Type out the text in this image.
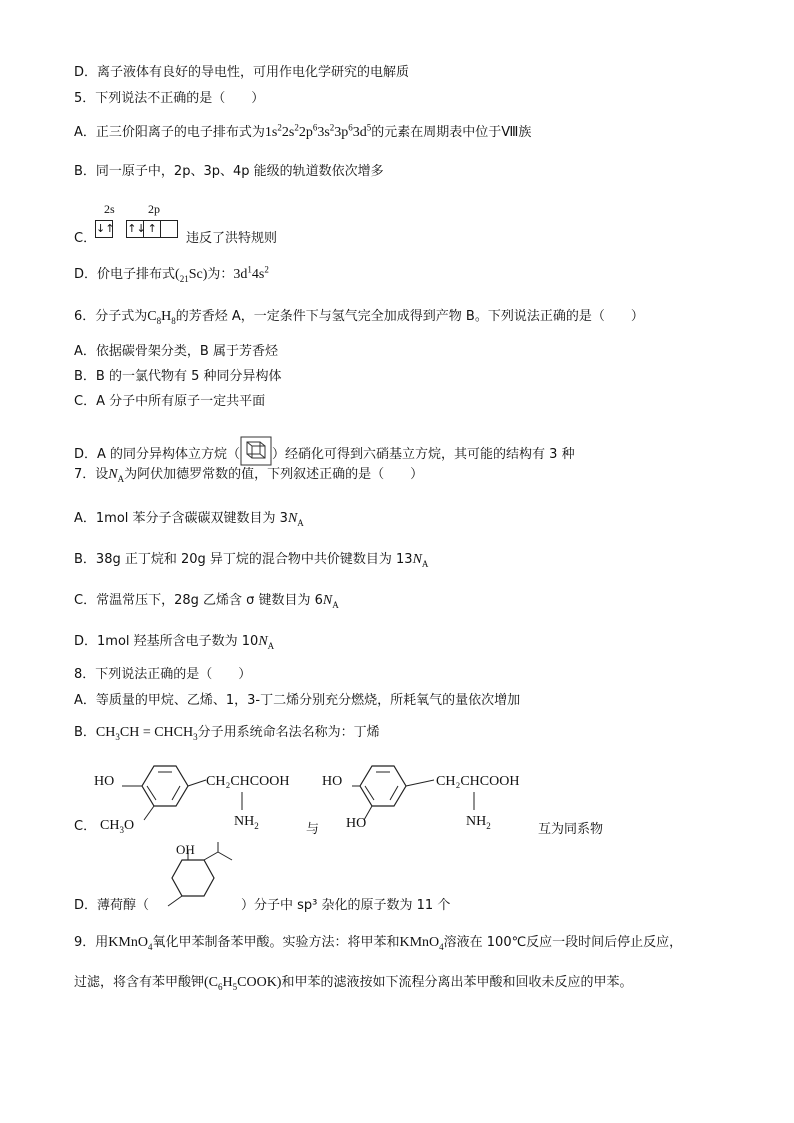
D．离子液体有良好的导电性，可用作电化学研究的电解质
5．下列说法不正确的是（　　）
A．正三价阳离子的电子排布式为$1s^22s^22p^63s^23p^63d^5$的元素在周期表中位于Ⅷ族
B．同一原子中，2p、3p、4p 能级的轨道数依次增多
C．
2s	2p
↓↑ ↑↓ ↑
违反了洪特规则
D．价电子排布式$(_{21}Sc)$为：$3d^14s^2$
6．分子式为$C_8H_8$的芳香烃 A，一定条件下与氢气完全加成得到产物 B。下列说法正确的是（　　）
A．依据碳骨架分类，B 属于芳香烃
B．B 的一氯代物有 5 种同分异构体
C．A 分子中所有原子一定共平面
D．A 的同分异构体立方烷（ ）经硝化可得到六硝基立方烷，其可能的结构有 3 种
7．设$N_A$为阿伏加德罗常数的值，下列叙述正确的是（　　）
A．1mol 苯分子含碳碳双键数目为 $3N_A$
B．38g 正丁烷和 20g 异丁烷的混合物中共价键数目为 $13N_A$
C．常温常压下，28g 乙烯含 σ 键数目为 $6N_A$
D．1mol 羟基所含电子数为 $10N_A$
8．下列说法正确的是（　　）
A．等质量的甲烷、乙烯、1，3-丁二烯分别充分燃烧，所耗氧气的量依次增加
B．$CH_3CH$ = $CHCH_3$分子用系统命名法名称为：丁烯
C．
HO
$CH_3O$
CH₂CHCOOH
$NH_2$	与
HO
HO
CH₂CHCOOH
$NH_2$	互为同系物
D．薄荷醇（	）分子中 sp³ 杂化的原子数为 11 个
OH
9．用KMnO$_4$氧化甲苯制备苯甲酸。实验方法：将甲苯和KMnO$_4$溶液在 100℃反应一段时间后停止反应，
过滤，将含有苯甲酸钾$(C_6H_5COOK)$和甲苯的滤液按如下流程分离出苯甲酸和回收未反应的甲苯。
